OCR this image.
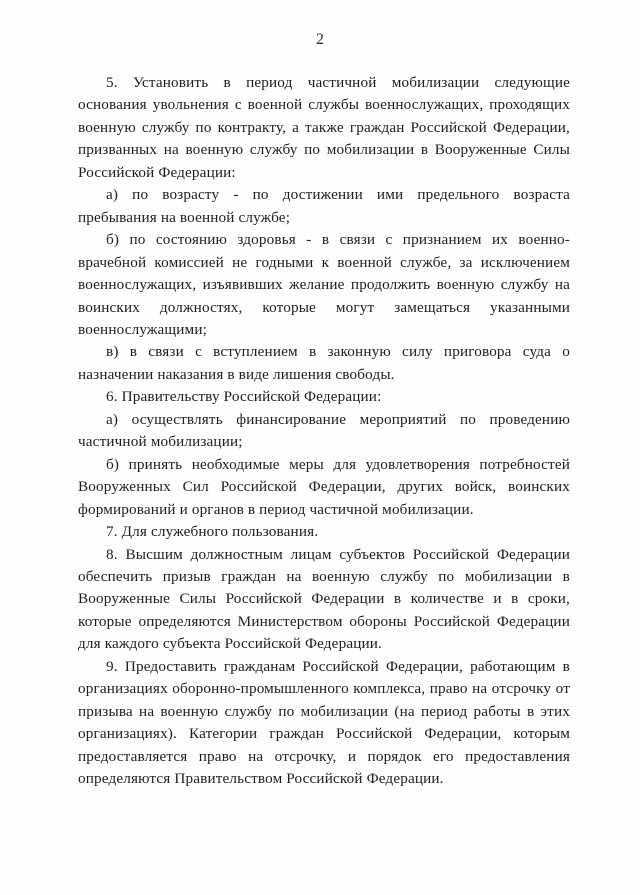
2

5. Установить в период частичной мобилизации следующие основания увольнения с военной службы военнослужащих, проходящих военную службу по контракту, а также граждан Российской Федерации, призванных на военную службу по мобилизации в Вооруженные Силы Российской Федерации:

а) по возрасту - по достижении ими предельного возраста пребывания на военной службе;

б) по состоянию здоровья - в связи с признанием их военно-врачебной комиссией не годными к военной службе, за исключением военнослужащих, изъявивших желание продолжить военную службу на воинских должностях, которые могут замещаться указанными военнослужащими;

в) в связи с вступлением в законную силу приговора суда о назначении наказания в виде лишения свободы.

6. Правительству Российской Федерации:

а) осуществлять финансирование мероприятий по проведению частичной мобилизации;

б) принять необходимые меры для удовлетворения потребностей Вооруженных Сил Российской Федерации, других войск, воинских формирований и органов в период частичной мобилизации.

7. Для служебного пользования.

8. Высшим должностным лицам субъектов Российской Федерации обеспечить призыв граждан на военную службу по мобилизации в Вооруженные Силы Российской Федерации в количестве и в сроки, которые определяются Министерством обороны Российской Федерации для каждого субъекта Российской Федерации.

9. Предоставить гражданам Российской Федерации, работающим в организациях оборонно-промышленного комплекса, право на отсрочку от призыва на военную службу по мобилизации (на период работы в этих организациях). Категории граждан Российской Федерации, которым предоставляется право на отсрочку, и порядок его предоставления определяются Правительством Российской Федерации.
